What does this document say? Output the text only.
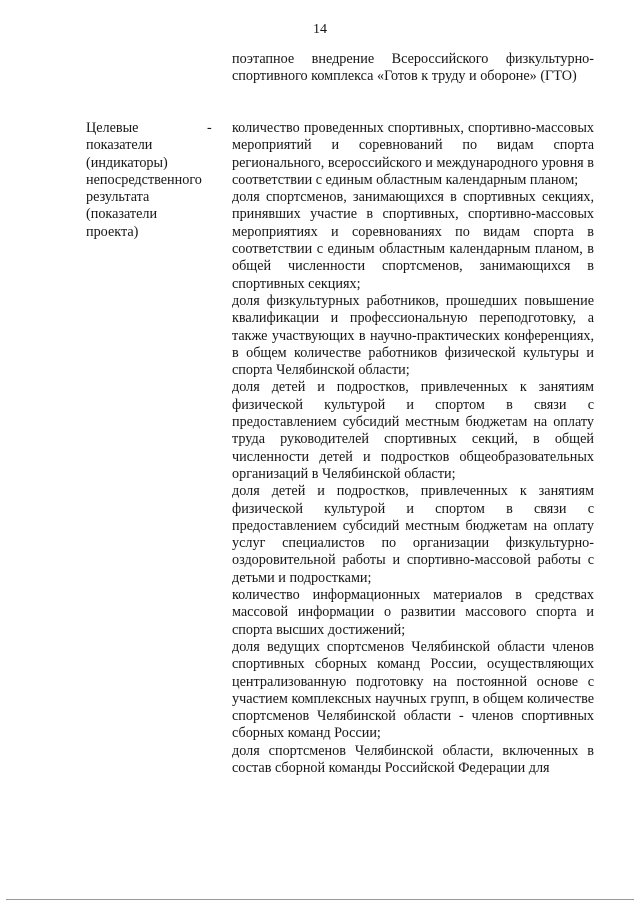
14

поэтапное внедрение Всероссийского физкультурно-спортивного комплекса «Готов к труду и обороне» (ГТО)

Целевые
показатели
(индикаторы)
непосредственного
результата
(показатели
проекта)
- количество проведенных спортивных, спортивно-массовых мероприятий и соревнований по видам спорта регионального, всероссийского и международного уровня в соответствии с единым областным календарным планом;

доля спортсменов, занимающихся в спортивных секциях, принявших участие в спортивных, спортивно-массовых мероприятиях и соревнованиях по видам спорта в соответствии с единым областным календарным планом, в общей численности спортсменов, занимающихся в спортивных секциях;

доля физкультурных работников, прошедших повышение квалификации и профессиональную переподготовку, а также участвующих в научно-практических конференциях, в общем количестве работников физической культуры и спорта Челябинской области;

доля детей и подростков, привлеченных к занятиям физической культурой и спортом в связи с предоставлением субсидий местным бюджетам на оплату труда руководителей спортивных секций, в общей численности детей и подростков общеобразовательных организаций в Челябинской области;

доля детей и подростков, привлеченных к занятиям физической культурой и спортом в связи с предоставлением субсидий местным бюджетам на оплату услуг специалистов по организации физкультурно-оздоровительной работы и спортивно-массовой работы с детьми и подростками;

количество информационных материалов в средствах массовой информации о развитии массового спорта и спорта высших достижений;

доля ведущих спортсменов Челябинской области членов спортивных сборных команд России, осуществляющих централизованную подготовку на постоянной основе с участием комплексных научных групп, в общем количестве спортсменов Челябинской области - членов спортивных сборных команд России;

доля спортсменов Челябинской области, включенных в состав сборной команды Российской Федерации для
